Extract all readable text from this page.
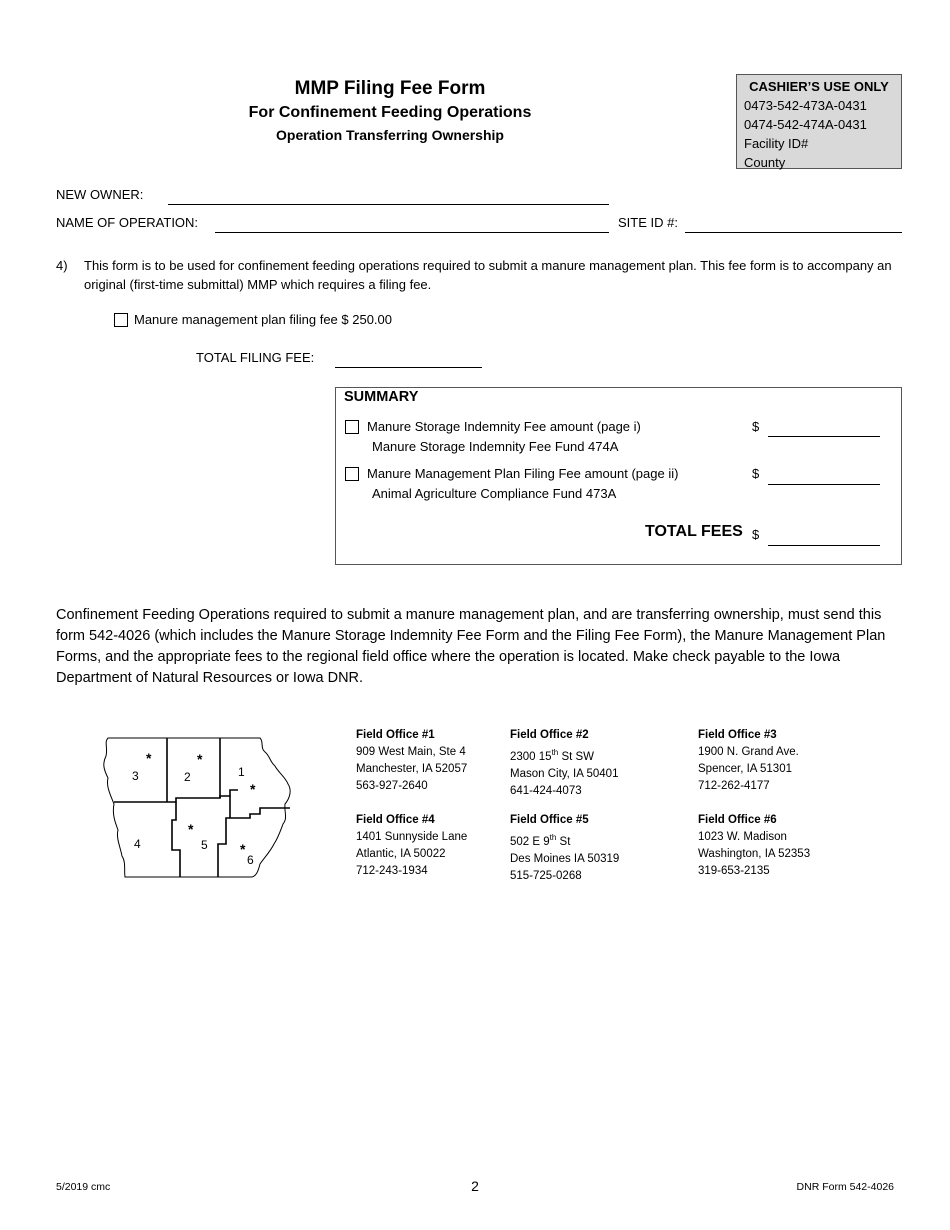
MMP Filing Fee Form
For Confinement Feeding Operations
Operation Transferring Ownership
CASHIER’S USE ONLY
0473-542-473A-0431
0474-542-474A-0431
Facility ID#
County
NEW OWNER:
NAME OF OPERATION:	SITE ID #:
4) This form is to be used for confinement feeding operations required to submit a manure management plan. This fee form is to accompany an original (first-time submittal) MMP which requires a filing fee.
Manure management plan filing fee $ 250.00
TOTAL FILING FEE:
SUMMARY
Manure Storage Indemnity Fee amount (page i)
Manure Storage Indemnity Fee Fund 474A
$
Manure Management Plan Filing Fee amount (page ii)
Animal Agriculture Compliance Fund 473A
$
TOTAL FEES $
Confinement Feeding Operations required to submit a manure management plan, and are transferring ownership, must send this form 542-4026 (which includes the Manure Storage Indemnity Fee Form and the Filing Fee Form), the Manure Management Plan Forms, and the appropriate fees to the regional field office where the operation is located. Make check payable to the Iowa Department of Natural Resources or Iowa DNR.
3	2	1
4	5
6
*	*
*
*
*
Field Office #1
909 West Main, Ste 4
Manchester, IA 52057
563-927-2640
Field Office #2
2300 15th St SW
Mason City, IA 50401
641-424-4073
Field Office #3
1900 N. Grand Ave.
Spencer, IA 51301
712-262-4177
Field Office #4
1401 Sunnyside Lane
Atlantic, IA 50022
712-243-1934
Field Office #5
502 E 9th St
Des Moines IA 50319
515-725-0268
Field Office #6
1023 W. Madison
Washington, IA 52353
319-653-2135
5/2019 cmc	2	DNR Form 542-4026
